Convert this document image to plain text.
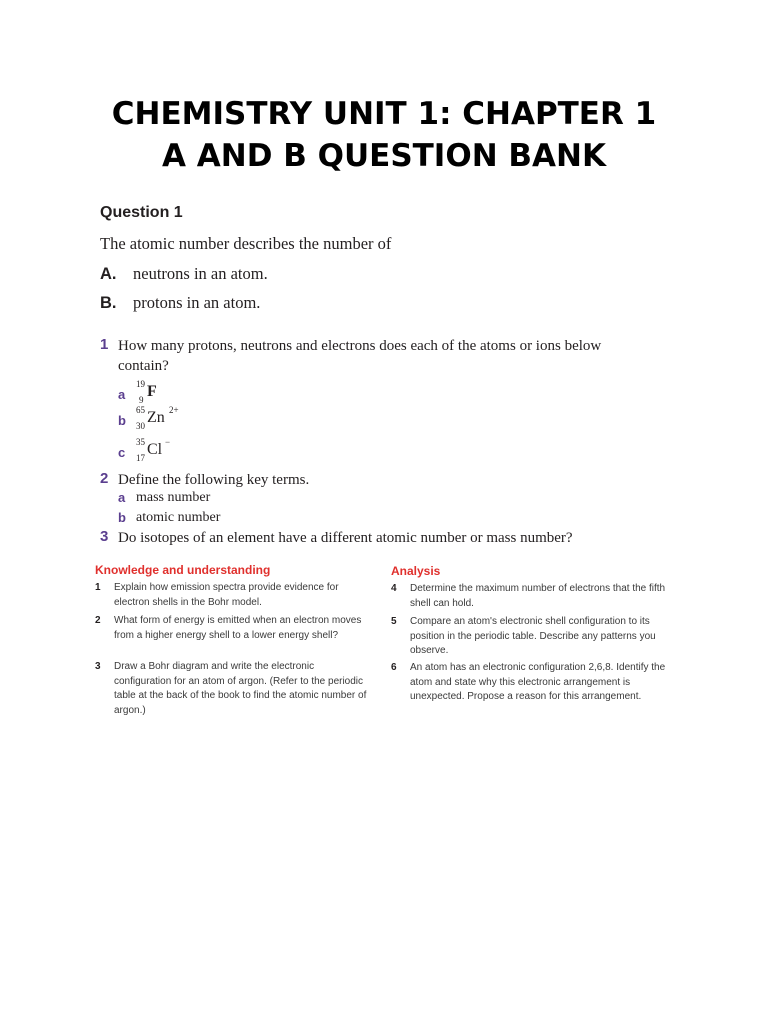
CHEMISTRY UNIT 1: CHAPTER 1
A AND B QUESTION BANK
Question 1
The atomic number describes the number of
A. neutrons in an atom.
B. protons in an atom.
1 How many protons, neutrons and electrons does each of the atoms or ions below contain?
a
19
9 F
b
65
30 Zn 2+
c
35
17 Cl −
2 Define the following key terms.
a mass number
b atomic number
3 Do isotopes of an element have a different atomic number or mass number?
Knowledge and understanding
1 Explain how emission spectra provide evidence for electron shells in the Bohr model.
2 What form of energy is emitted when an electron moves from a higher energy shell to a lower energy shell?
3 Draw a Bohr diagram and write the electronic configuration for an atom of argon. (Refer to the periodic table at the back of the book to find the atomic number of argon.)
Analysis
4 Determine the maximum number of electrons that the fifth shell can hold.
5 Compare an atom's electronic shell configuration to its position in the periodic table. Describe any patterns you observe.
6 An atom has an electronic configuration 2,6,8. Identify the atom and state why this electronic arrangement is unexpected. Propose a reason for this arrangement.
